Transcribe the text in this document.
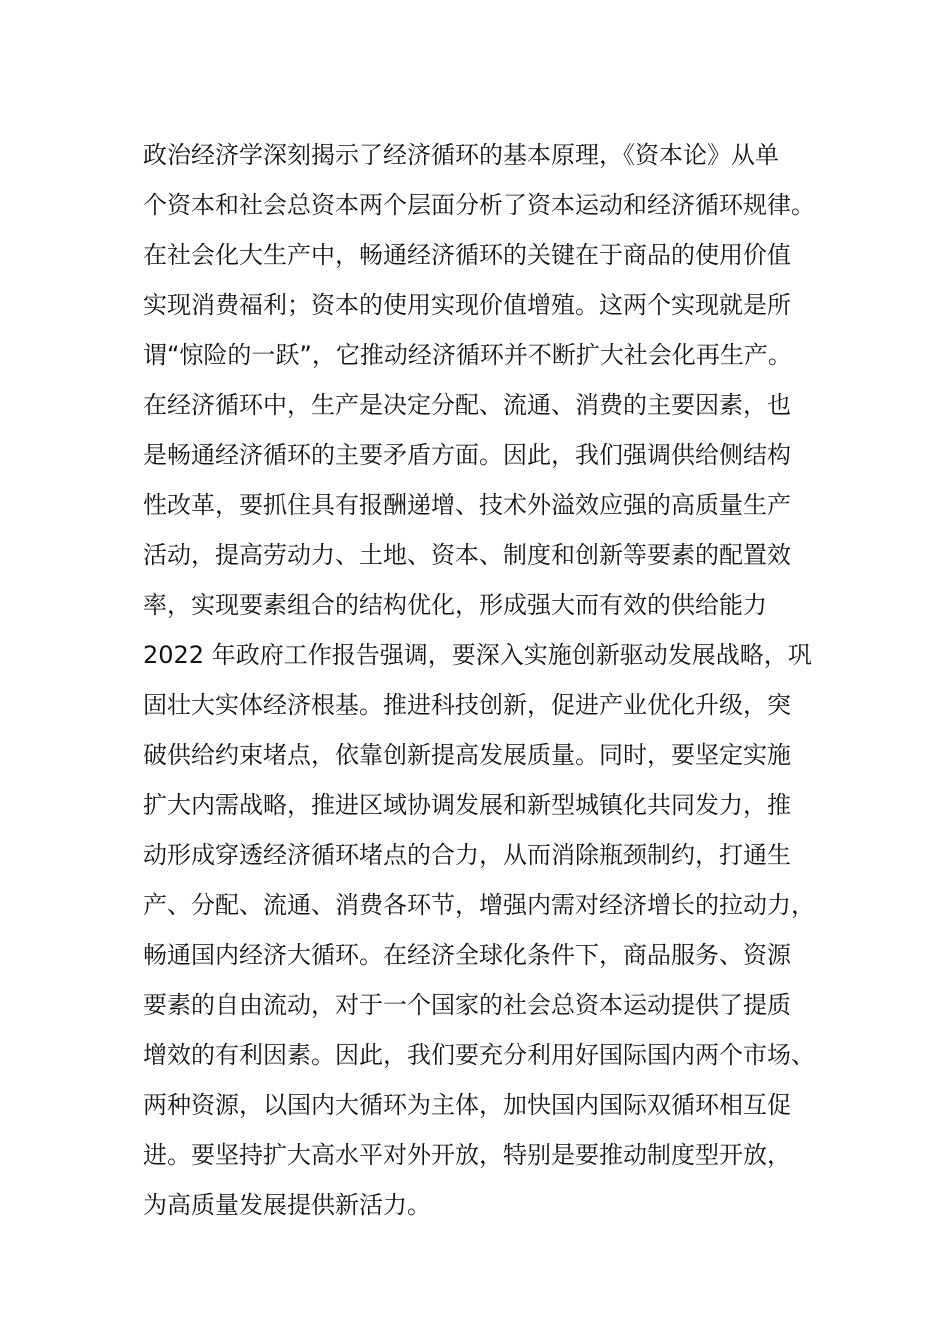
政治经济学深刻揭示了经济循环的基本原理，《资本论》从单
个资本和社会总资本两个层面分析了资本运动和经济循环规律。
在社会化大生产中，畅通经济循环的关键在于商品的使用价值
实现消费福利；资本的使用实现价值增殖。这两个实现就是所
谓“惊险的一跃”，它推动经济循环并不断扩大社会化再生产。
在经济循环中，生产是决定分配、流通、消费的主要因素，也
是畅通经济循环的主要矛盾方面。因此，我们强调供给侧结构
性改革，要抓住具有报酬递增、技术外溢效应强的高质量生产
活动，提高劳动力、土地、资本、制度和创新等要素的配置效
率，实现要素组合的结构优化，形成强大而有效的供给能力
2022 年政府工作报告强调，要深入实施创新驱动发展战略，巩
固壮大实体经济根基。推进科技创新，促进产业优化升级，突
破供给约束堵点，依靠创新提高发展质量。同时，要坚定实施
扩大内需战略，推进区域协调发展和新型城镇化共同发力，推
动形成穿透经济循环堵点的合力，从而消除瓶颈制约，打通生
产、分配、流通、消费各环节，增强内需对经济增长的拉动力，
畅通国内经济大循环。在经济全球化条件下，商品服务、资源
要素的自由流动，对于一个国家的社会总资本运动提供了提质
增效的有利因素。因此，我们要充分利用好国际国内两个市场、
两种资源，以国内大循环为主体，加快国内国际双循环相互促
进。要坚持扩大高水平对外开放，特别是要推动制度型开放，
为高质量发展提供新活力。
